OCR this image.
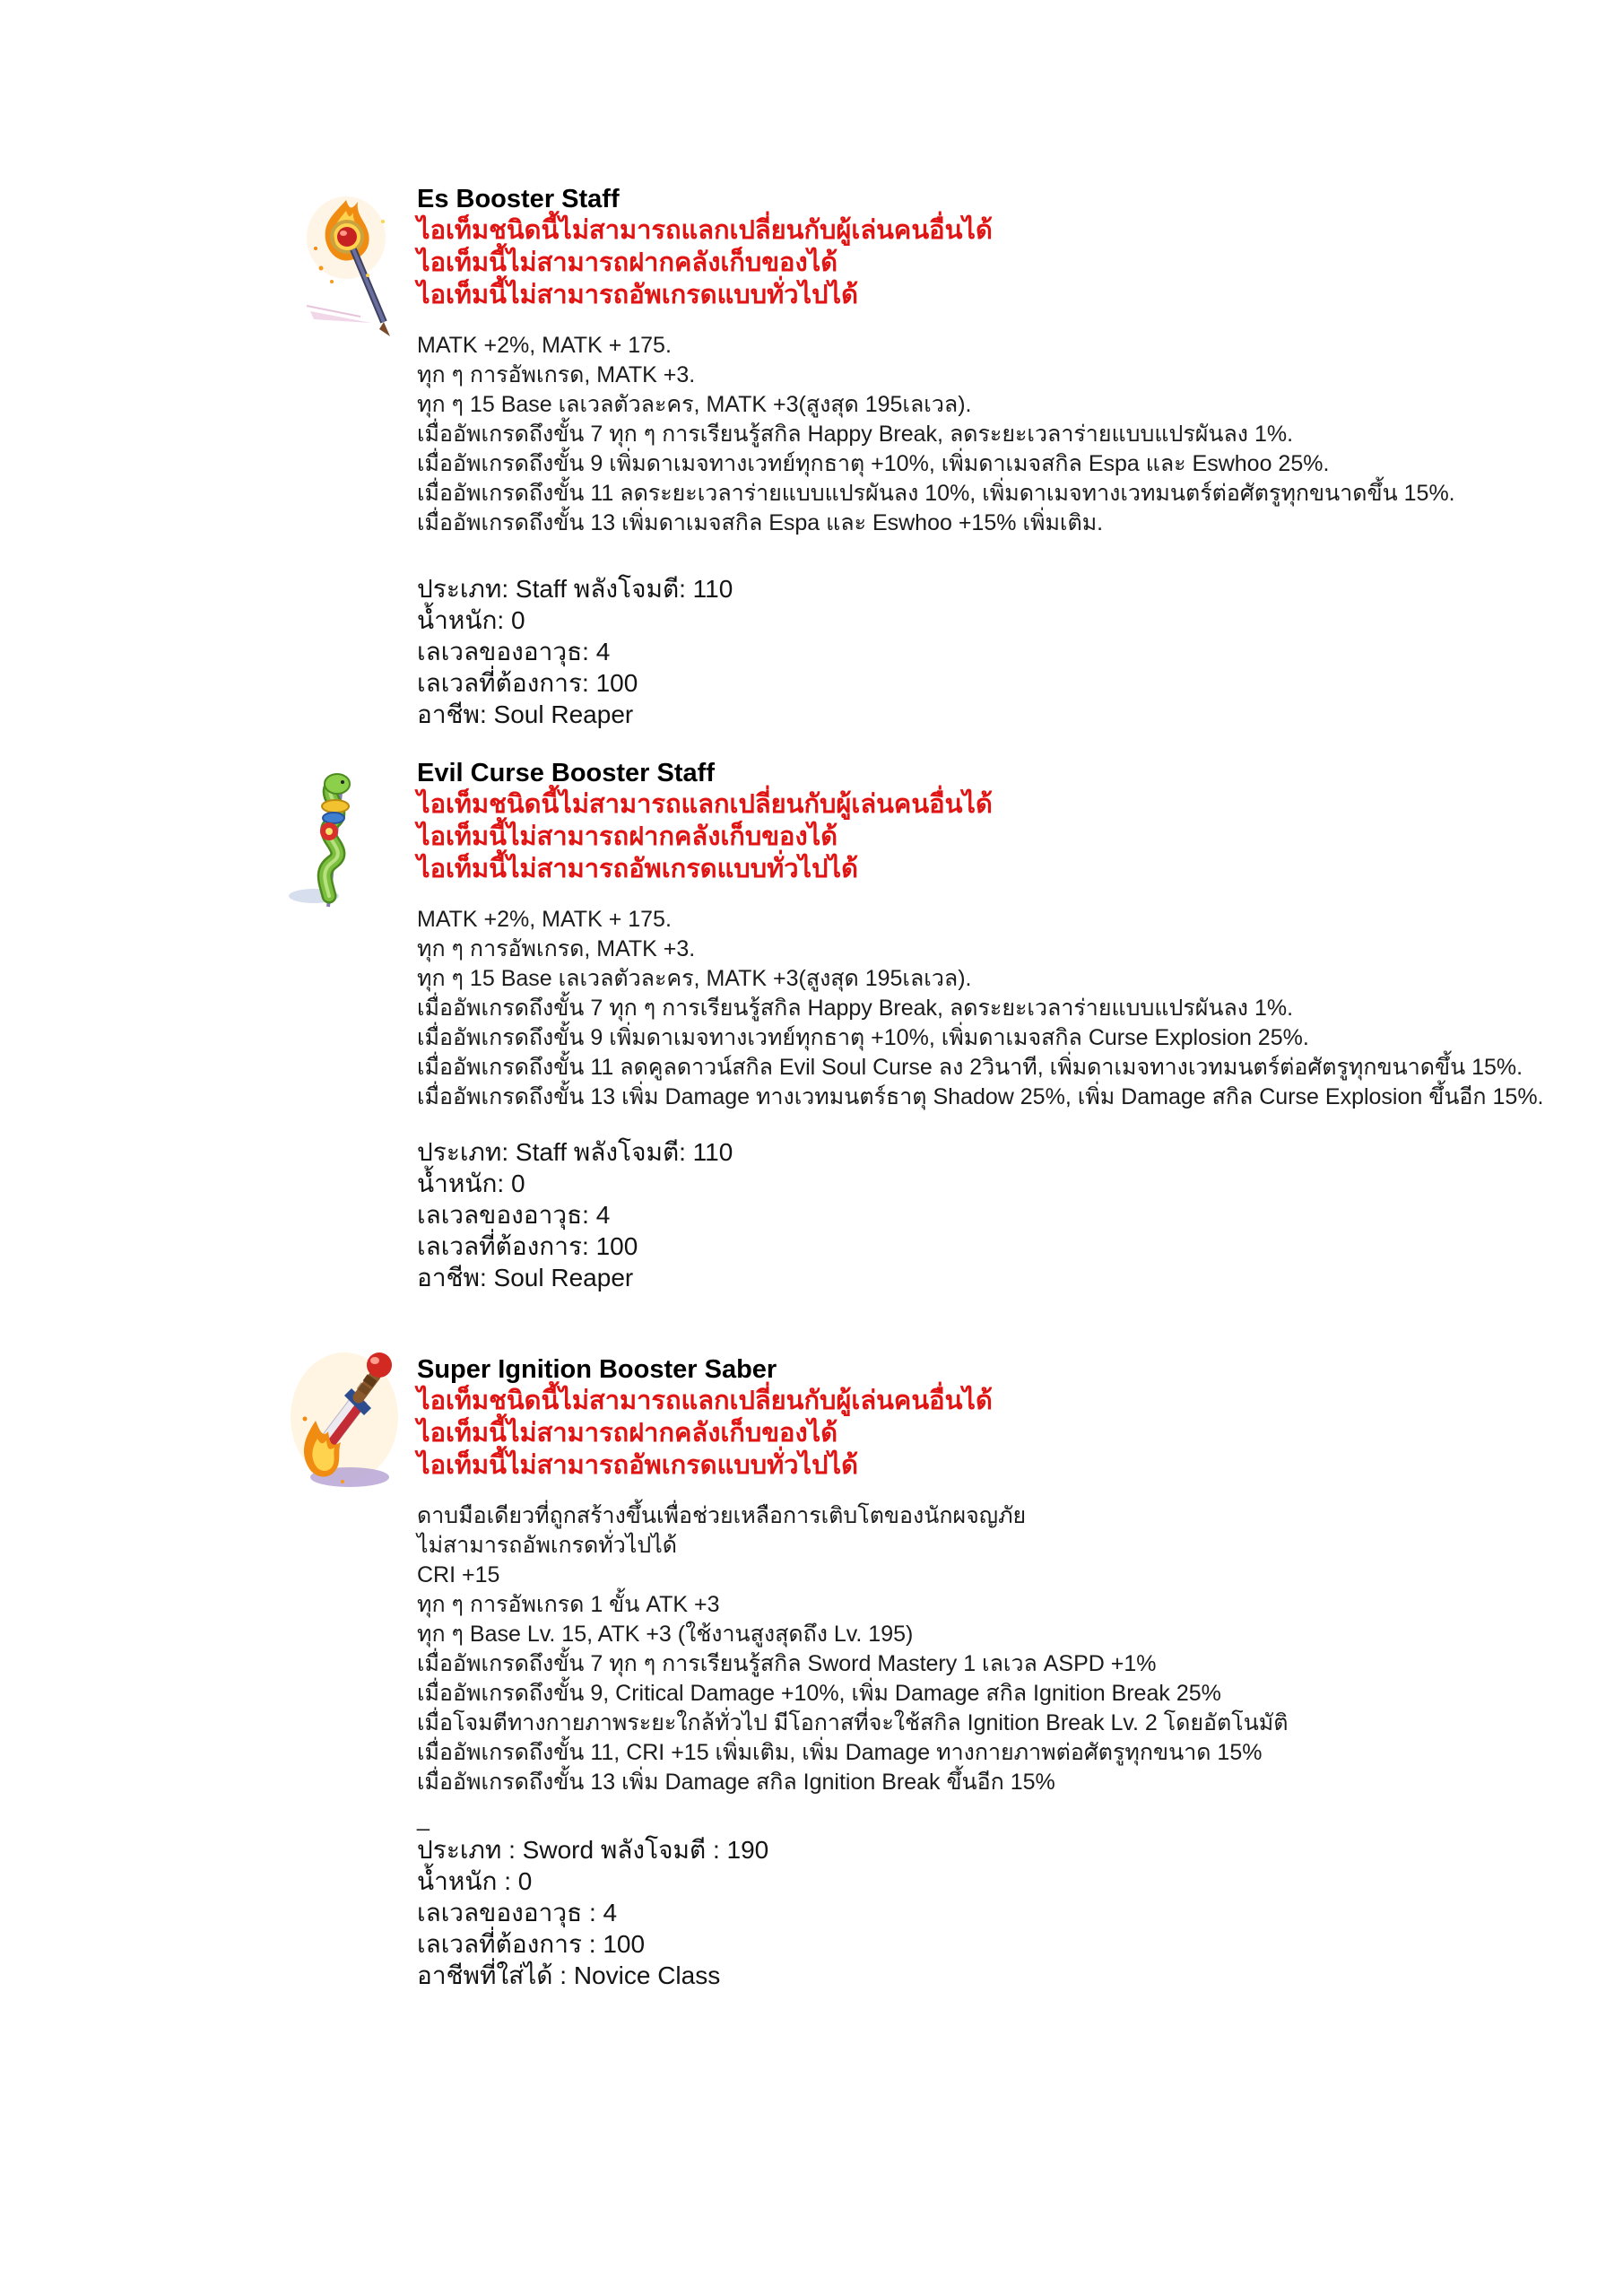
Es Booster Staff
ไอเท็มชนิดนี้ไม่สามารถแลกเปลี่ยนกับผู้เล่นคนอื่นได้
ไอเท็มนี้ไม่สามารถฝากคลังเก็บของได้
ไอเท็มนี้ไม่สามารถอัพเกรดแบบทั่วไปได้
MATK +2%, MATK + 175.
ทุก ๆ การอัพเกรด, MATK +3.
ทุก ๆ 15 Base เลเวลตัวละคร, MATK +3(สูงสุด 195เลเวล).
เมื่ออัพเกรดถึงขั้น 7 ทุก ๆ การเรียนรู้สกิล Happy Break, ลดระยะเวลาร่ายแบบแปรผันลง 1%.
เมื่ออัพเกรดถึงขั้น 9 เพิ่มดาเมจทางเวทย์ทุกธาตุ +10%, เพิ่มดาเมจสกิล Espa และ Eswhoo 25%.
เมื่ออัพเกรดถึงขั้น 11 ลดระยะเวลาร่ายแบบแปรผันลง 10%, เพิ่มดาเมจทางเวทมนตร์ต่อศัตรูทุกขนาดขึ้น 15%.
เมื่ออัพเกรดถึงขั้น 13 เพิ่มดาเมจสกิล Espa และ Eswhoo +15% เพิ่มเติม.
ประเภท: Staff พลังโจมตี: 110
น้ำหนัก: 0
เลเวลของอาวุธ: 4
เลเวลที่ต้องการ: 100
อาชีพ: Soul Reaper
Evil Curse Booster Staff
ไอเท็มชนิดนี้ไม่สามารถแลกเปลี่ยนกับผู้เล่นคนอื่นได้
ไอเท็มนี้ไม่สามารถฝากคลังเก็บของได้
ไอเท็มนี้ไม่สามารถอัพเกรดแบบทั่วไปได้
MATK +2%, MATK + 175.
ทุก ๆ การอัพเกรด, MATK +3.
ทุก ๆ 15 Base เลเวลตัวละคร, MATK +3(สูงสุด 195เลเวล).
เมื่ออัพเกรดถึงขั้น 7 ทุก ๆ การเรียนรู้สกิล Happy Break, ลดระยะเวลาร่ายแบบแปรผันลง 1%.
เมื่ออัพเกรดถึงขั้น 9 เพิ่มดาเมจทางเวทย์ทุกธาตุ +10%, เพิ่มดาเมจสกิล Curse Explosion 25%.
เมื่ออัพเกรดถึงขั้น 11 ลดคูลดาวน์สกิล Evil Soul Curse ลง 2วินาที, เพิ่มดาเมจทางเวทมนตร์ต่อศัตรูทุกขนาดขึ้น 15%.
เมื่ออัพเกรดถึงขั้น 13 เพิ่ม Damage ทางเวทมนตร์ธาตุ Shadow 25%, เพิ่ม Damage สกิล Curse Explosion ขึ้นอีก 15%.
ประเภท: Staff พลังโจมตี: 110
น้ำหนัก: 0
เลเวลของอาวุธ: 4
เลเวลที่ต้องการ: 100
อาชีพ: Soul Reaper
Super Ignition Booster Saber
ไอเท็มชนิดนี้ไม่สามารถแลกเปลี่ยนกับผู้เล่นคนอื่นได้
ไอเท็มนี้ไม่สามารถฝากคลังเก็บของได้
ไอเท็มนี้ไม่สามารถอัพเกรดแบบทั่วไปได้
ดาบมือเดียวที่ถูกสร้างขึ้นเพื่อช่วยเหลือการเติบโตของนักผจญภัย
ไม่สามารถอัพเกรดทั่วไปได้
CRI +15
ทุก ๆ การอัพเกรด 1 ขั้น ATK +3
ทุก ๆ Base Lv. 15, ATK +3 (ใช้งานสูงสุดถึง Lv. 195)
เมื่ออัพเกรดถึงขั้น 7 ทุก ๆ การเรียนรู้สกิล Sword Mastery 1 เลเวล ASPD +1%
เมื่ออัพเกรดถึงขั้น 9, Critical Damage +10%, เพิ่ม Damage สกิล Ignition Break 25%
เมื่อโจมตีทางกายภาพระยะใกล้ทั่วไป มีโอกาสที่จะใช้สกิล Ignition Break Lv. 2 โดยอัตโนมัติ
เมื่ออัพเกรดถึงขั้น 11, CRI +15 เพิ่มเติม, เพิ่ม Damage ทางกายภาพต่อศัตรูทุกขนาด 15%
เมื่ออัพเกรดถึงขั้น 13 เพิ่ม Damage สกิล Ignition Break ขึ้นอีก 15%
_
ประเภท : Sword พลังโจมตี : 190
น้ำหนัก : 0
เลเวลของอาวุธ : 4
เลเวลที่ต้องการ : 100
อาชีพที่ใส่ได้ : Novice Class
